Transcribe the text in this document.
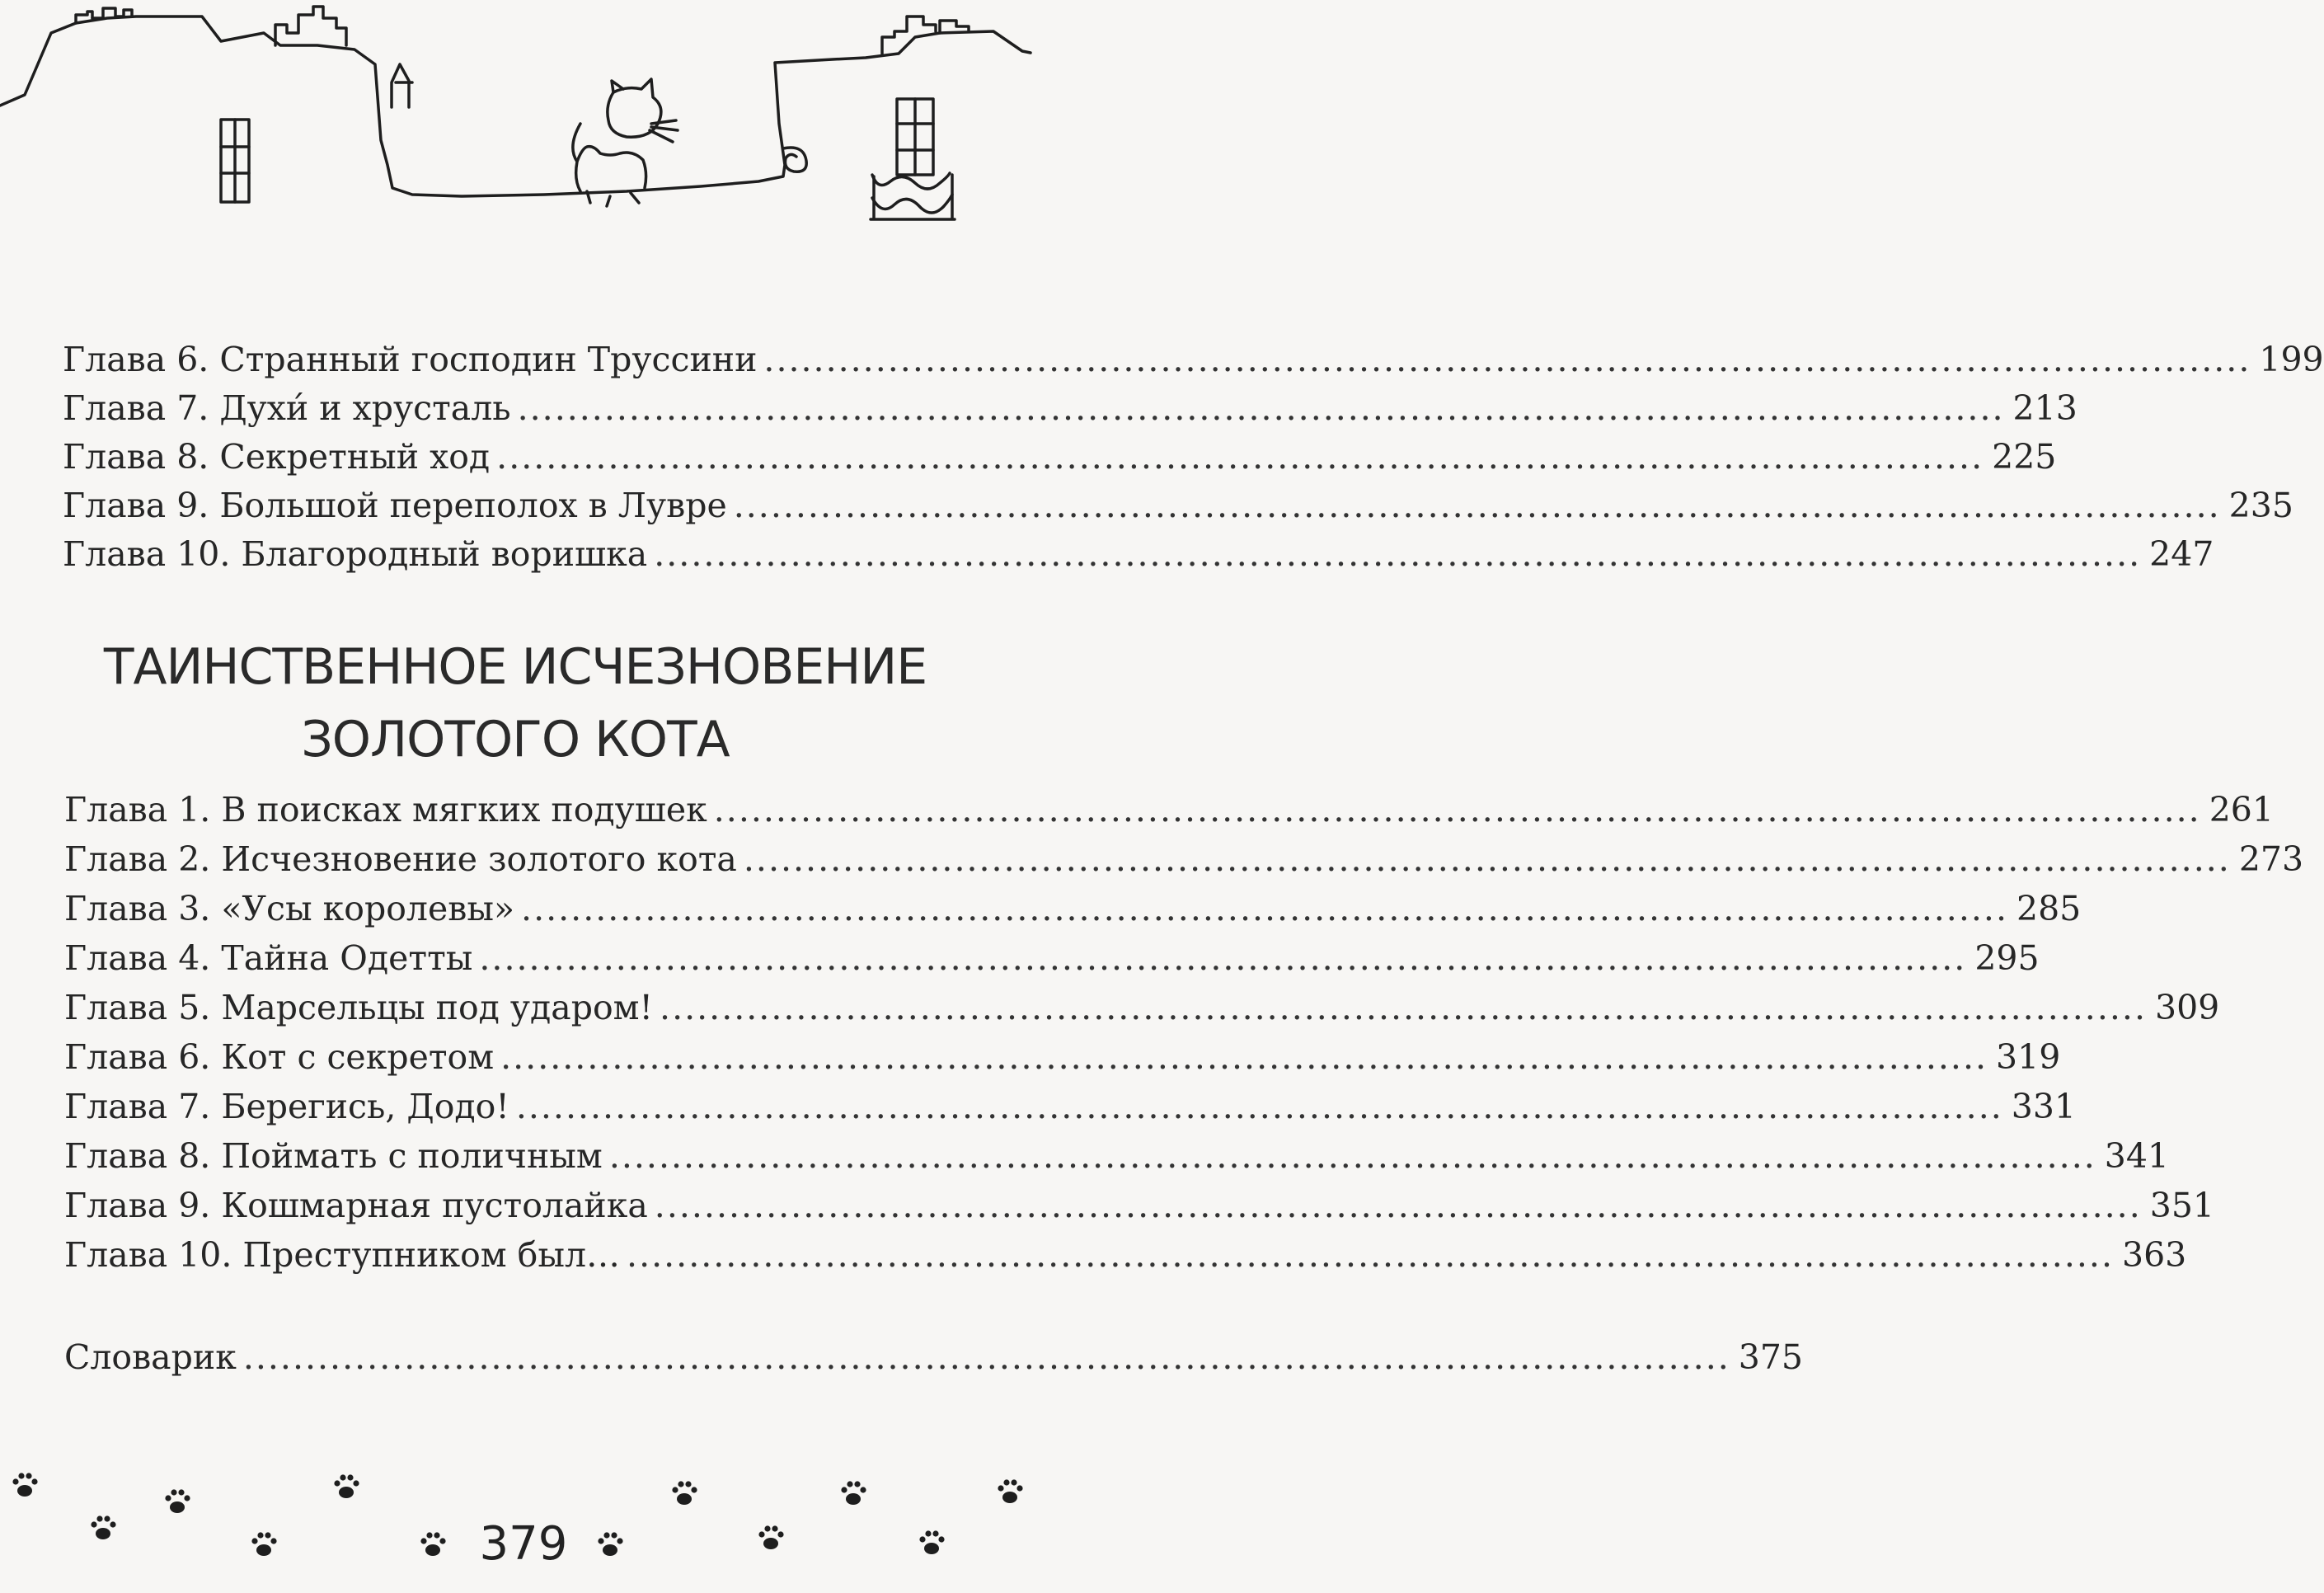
Глава 6. Странный господин Труссини ........................................................................................................................ 199
Глава 7. Духи́ и хрусталь ........................................................................................................................ 213
Глава 8. Секретный ход ........................................................................................................................ 225
Глава 9. Большой переполох в Лувре ........................................................................................................................ 235
Глава 10. Благородный воришка ........................................................................................................................ 247
ТАИНСТВЕННОЕ ИСЧЕЗНОВЕНИЕ
ЗОЛОТОГО КОТА
Глава 1. В поисках мягких подушек ........................................................................................................................ 261
Глава 2. Исчезновение золотого кота ........................................................................................................................ 273
Глава 3. «Усы королевы» ........................................................................................................................ 285
Глава 4. Тайна Одетты ........................................................................................................................ 295
Глава 5. Марсельцы под ударом! ........................................................................................................................ 309
Глава 6. Кот с секретом ........................................................................................................................ 319
Глава 7. Берегись, Додо! ........................................................................................................................ 331
Глава 8. Поймать с поличным ........................................................................................................................ 341
Глава 9. Кошмарная пустолайка ........................................................................................................................ 351
Глава 10. Преступником был… ........................................................................................................................ 363
Словарик ........................................................................................................................ 375
379
